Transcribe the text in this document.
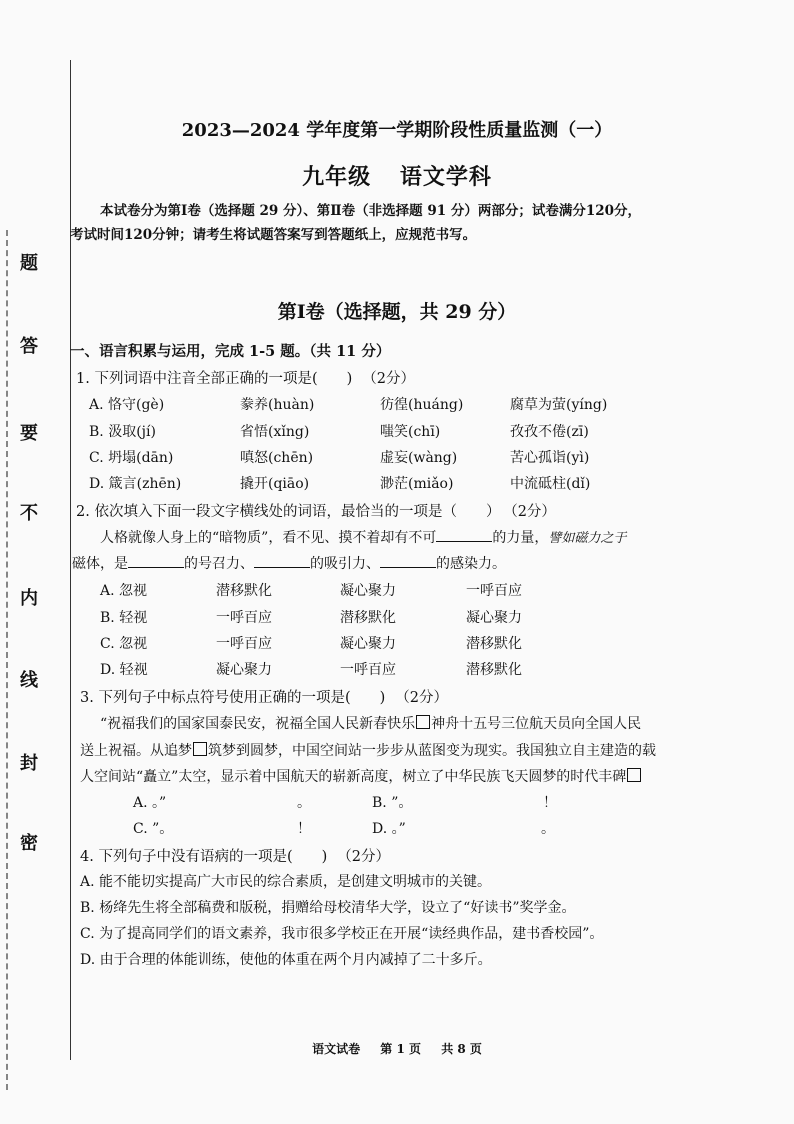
题
答
要
不
内
线
封
密
2023—2024 学年度第一学期阶段性质量监测（一）
九年级 语文学科
本试卷分为第Ⅰ卷（选择题 29 分）、第Ⅱ卷（非选择题 91 分）两部分；试卷满分120分，
考试时间120分钟；请考生将试题答案写到答题纸上，应规范书写。
第Ⅰ卷（选择题，共 29 分）
一、语言积累与运用，完成 1-5 题。（共 11 分）
1. 下列词语中注音全部正确的一项是(　　) （2分）
A. 恪守(gè)	豢养(huàn)	彷徨(huáng)	腐草为萤(yíng)
B. 汲取(jí)	省悟(xǐng)	嗤笑(chī)	孜孜不倦(zī)
C. 坍塌(dān)	嗔怒(chēn)	虚妄(wàng)	苦心孤诣(yì)
D. 箴言(zhēn)	撬开(qiāo)	渺茫(miǎo)	中流砥柱(dǐ)
2. 依次填入下面一段文字横线处的词语，最恰当的一项是（　　） （2分）
人格就像人身上的“暗物质”，看不见、摸不着却有不可	的力量，譬如磁力之于
磁体，是	的号召力、	的吸引力、	的感染力。
A. 忽视	潜移默化	凝心聚力	一呼百应
B. 轻视	一呼百应	潜移默化	凝心聚力
C. 忽视	一呼百应	凝心聚力	潜移默化
D. 轻视	凝心聚力	一呼百应	潜移默化
3. 下列句子中标点符号使用正确的一项是(　　) （2分）
“祝福我们的国家国泰民安，祝福全国人民新春快乐 神舟十五号三位航天员向全国人民
送上祝福。从追梦 筑梦到圆梦，中国空间站一步步从蓝图变为现实。我国独立自主建造的载
人空间站“矗立”太空，显示着中国航天的崭新高度，树立了中华民族飞天圆梦的时代丰碑
A. 。”	。	B. ”。	！
C. ”。	！	D. 。”	。
4. 下列句子中没有语病的一项是(　　) （2分）
A. 能不能切实提高广大市民的综合素质，是创建文明城市的关键。
B. 杨绛先生将全部稿费和版税，捐赠给母校清华大学，设立了“好读书”奖学金。
C. 为了提高同学们的语文素养，我市很多学校正在开展“读经典作品，建书香校园”。
D. 由于合理的体能训练，使他的体重在两个月内减掉了二十多斤。
语文试卷 第 1 页 共 8 页
